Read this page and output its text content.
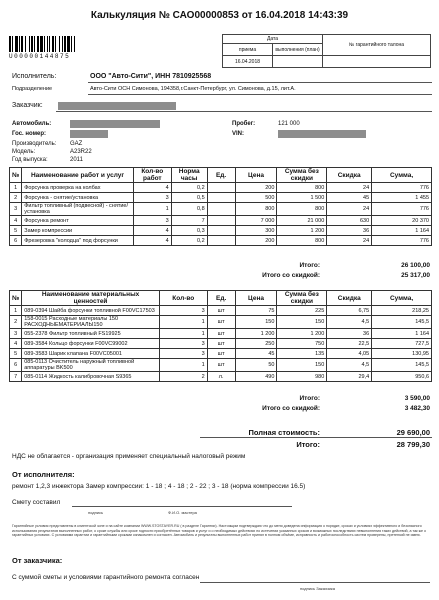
Калькуляция № САО00000853 от 16.04.2018 14:43:39
U00000144875
Дата		№ гарантийного талона
приема	выполнения (план)	
16.04.2018		
Исполнитель:	ООО "Авто-Сити", ИНН 7810925568
Подразделение	Авто-Сити ОСН Симонова, 194358,г.Санкт-Петербург, ул. Симонова, д.15, лит.А.
Заказчик:
Автомобиль:
Гос. номер:
Производитель: GAZ
Модель:	A23R22
Год выпуска:	2011
Пробег:	121 000
VIN:
№	Наименование работ и услуг	Кол-во работ	Норма часы	Ед.	Цена	Сумма без скидки	Скидка	Сумма,
1	Форсунка проверка на колбах	4	0,2		200	800	24	776
2	Форсунка - снятие/установка	3	0,5		500	1 500	45	1 455
3	Фильтр топливный (подвесной) - снятие/установка	1	0,8		800	800	24	776
4	Форсунка ремонт	3	7		7 000	21 000	630	20 370
5	Замер компрессии	4	0,3		300	1 200	36	1 164
6	Фрезеровка "колодца" под форсунки	4	0,2		200	800	24	776
Итого:	26 100,00
Итого со скидкой:	25 317,00
№	Наименование материальных ценностей	Кол-во	Ед.	Цена	Сумма без скидки	Скидка	Сумма,
1	089-0394 Шайба форсунки топливной F00VC17503	3	шт	75	225	6,75	218,25
2	158-0015 Расходные материалы 150 РАСХОДНЫЕМАТЕРИАЛЫ150	1	шт	150	150	4,5	145,5
3	055-2378 Фильтр топливный FS19925	1	шт	1 200	1 200	36	1 164
4	089-3584 Кольцо форсунки F00VC99002	3	шт	250	750	22,5	727,5
5	089-3583 Шарик клапана F00VC05001	3	шт	45	135	4,05	130,95
6	085-0113 Очиститель наружный топливной аппаратуры BK500	1	шт	50	150	4,5	145,5
7	085-0114 Жидкость калибровочная S9365	2	л.	490	980	29,4	950,6
Итого:	3 590,00
Итого со скидкой:	3 482,30
Полная стоимость:	29 690,00
Итого:	28 799,30
НДС не облагается - организация применяет специальный налоговый режим
От исполнителя:
ремонт 1,2,3 инжектора Замер компрессии: 1 - 18 ; 4 - 18 ; 2 - 22 ; 3 - 18 (норма компрессии 16.5)
Смету составил
подпись	Ф.И.О. мастера
Гарантийные условия представлены в клиентской зоне и на сайте компании WWW.STOSTAYER.RU ( в разделе Гарантии). Настоящим подтверждаю что до меня доведена информация о порядке, сроках и условиях эффективного и безопасного использования результатов выполненных работ, о сроке службы или сроке годности приобретённых товаров и услуг и о необходимых действиях по истечении указанных сроков и возможных последствиях невыполнения таких действий, а так же о гарантийных условиях. С условиями гарантии и гарантийными сроками ознакомлен и согласен. Автомобиль и результаты выполненных работ принял в полном объёме, исправность и работоспособность систем проверены, претензий не имею.
От заказчика:
С суммой сметы и условиями гарантийного ремонта согласен
подпись Заказчика
